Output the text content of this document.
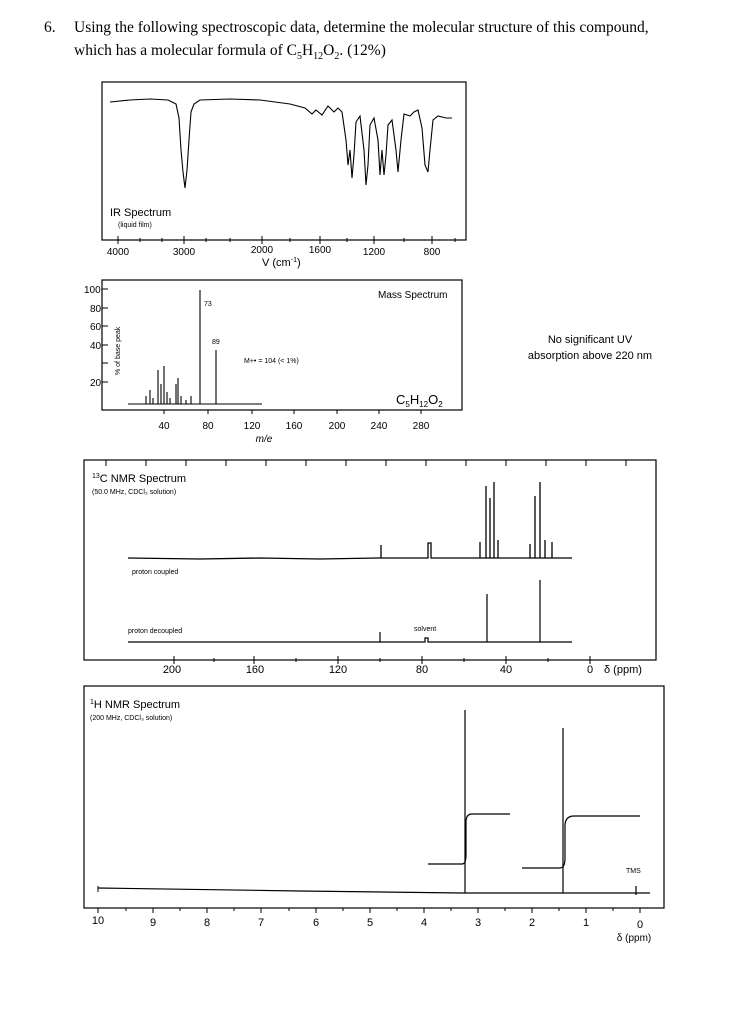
6. Using the following spectroscopic data, determine the molecular structure of this compound,
which has a molecular formula of $C_5H_{12}O_2$. (12%)
IR Spectrum
(liquid film)
4000	3000	2000	1600	1200	800
V $(cm^{-1})$
100
80
60
40
20
% of base peak
73
89
M+• = 104 (< 1%)
Mass Spectrum
$C_5H_{12}O_2$
40	80	120	160	200	240	280
m/e
$^{13}$C NMR Spectrum
(50.0 MHz, CDCl₃ solution)
proton coupled
proton decoupled	solvent
200	160	120	80	40	0 δ (ppm)
$^1$H NMR Spectrum
(200 MHz, CDCl₃ solution)
TMS
10	9	8	7	6	5	4	3	2	1	0
δ (ppm)
No significant UV
absorption above 220 nm
